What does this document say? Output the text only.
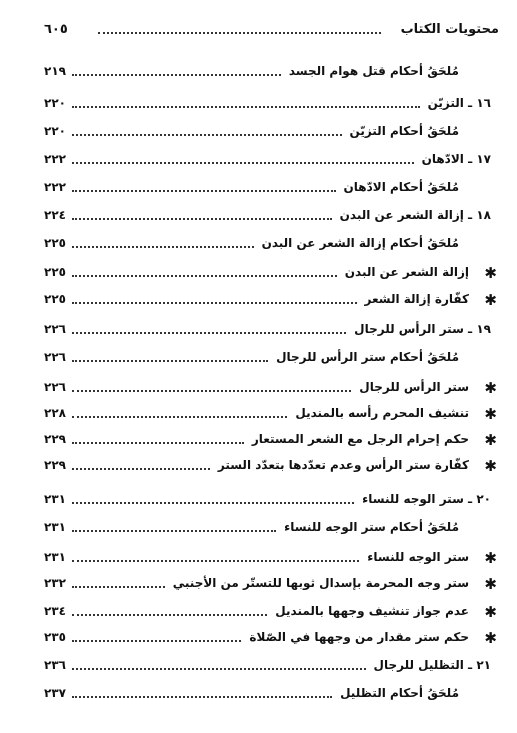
محتويات الكتاب
٦٠٥
مُلحَقُ أحكام قتل هوام الجسد
٢١٩
١٦ ـ التزيّن
٢٢٠
مُلحَقُ أحكام التزيّن
٢٢٠
١٧ ـ الادّهان
٢٢٢
مُلحَقُ أحكام الادّهان
٢٢٢
١٨ ـ إزالة الشعر عن البدن
٢٢٤
مُلحَقُ أحكام إزالة الشعر عن البدن
٢٢٥
✱
إزالة الشعر عن البدن
٢٢٥
✱
كفّارة إزالة الشعر
٢٢٥
١٩ ـ ستر الرأس للرجال
٢٢٦
مُلحَقُ أحكام ستر الرأس للرجال
٢٢٦
✱
ستر الرأس للرجال
٢٢٦
✱
تنشيف المحرم رأسه بالمنديل
٢٢٨
✱
حكم إحرام الرجل مع الشعر المستعار
٢٢٩
✱
كفّارة ستر الرأس وعدم تعدّدها بتعدّد الستر
٢٢٩
٢٠ ـ ستر الوجه للنساء
٢٣١
مُلحَقُ أحكام ستر الوجه للنساء
٢٣١
✱
ستر الوجه للنساء
٢٣١
✱
ستر وجه المحرمة بإسدال ثوبها للتستّر من الأجنبي
٢٣٢
✱
عدم جواز تنشيف وجهها بالمنديل
٢٣٤
✱
حكم ستر مقدار من وجهها في الصّلاة
٢٣٥
٢١ ـ التظليل للرجال
٢٣٦
مُلحَقُ أحكام التظليل
٢٣٧
